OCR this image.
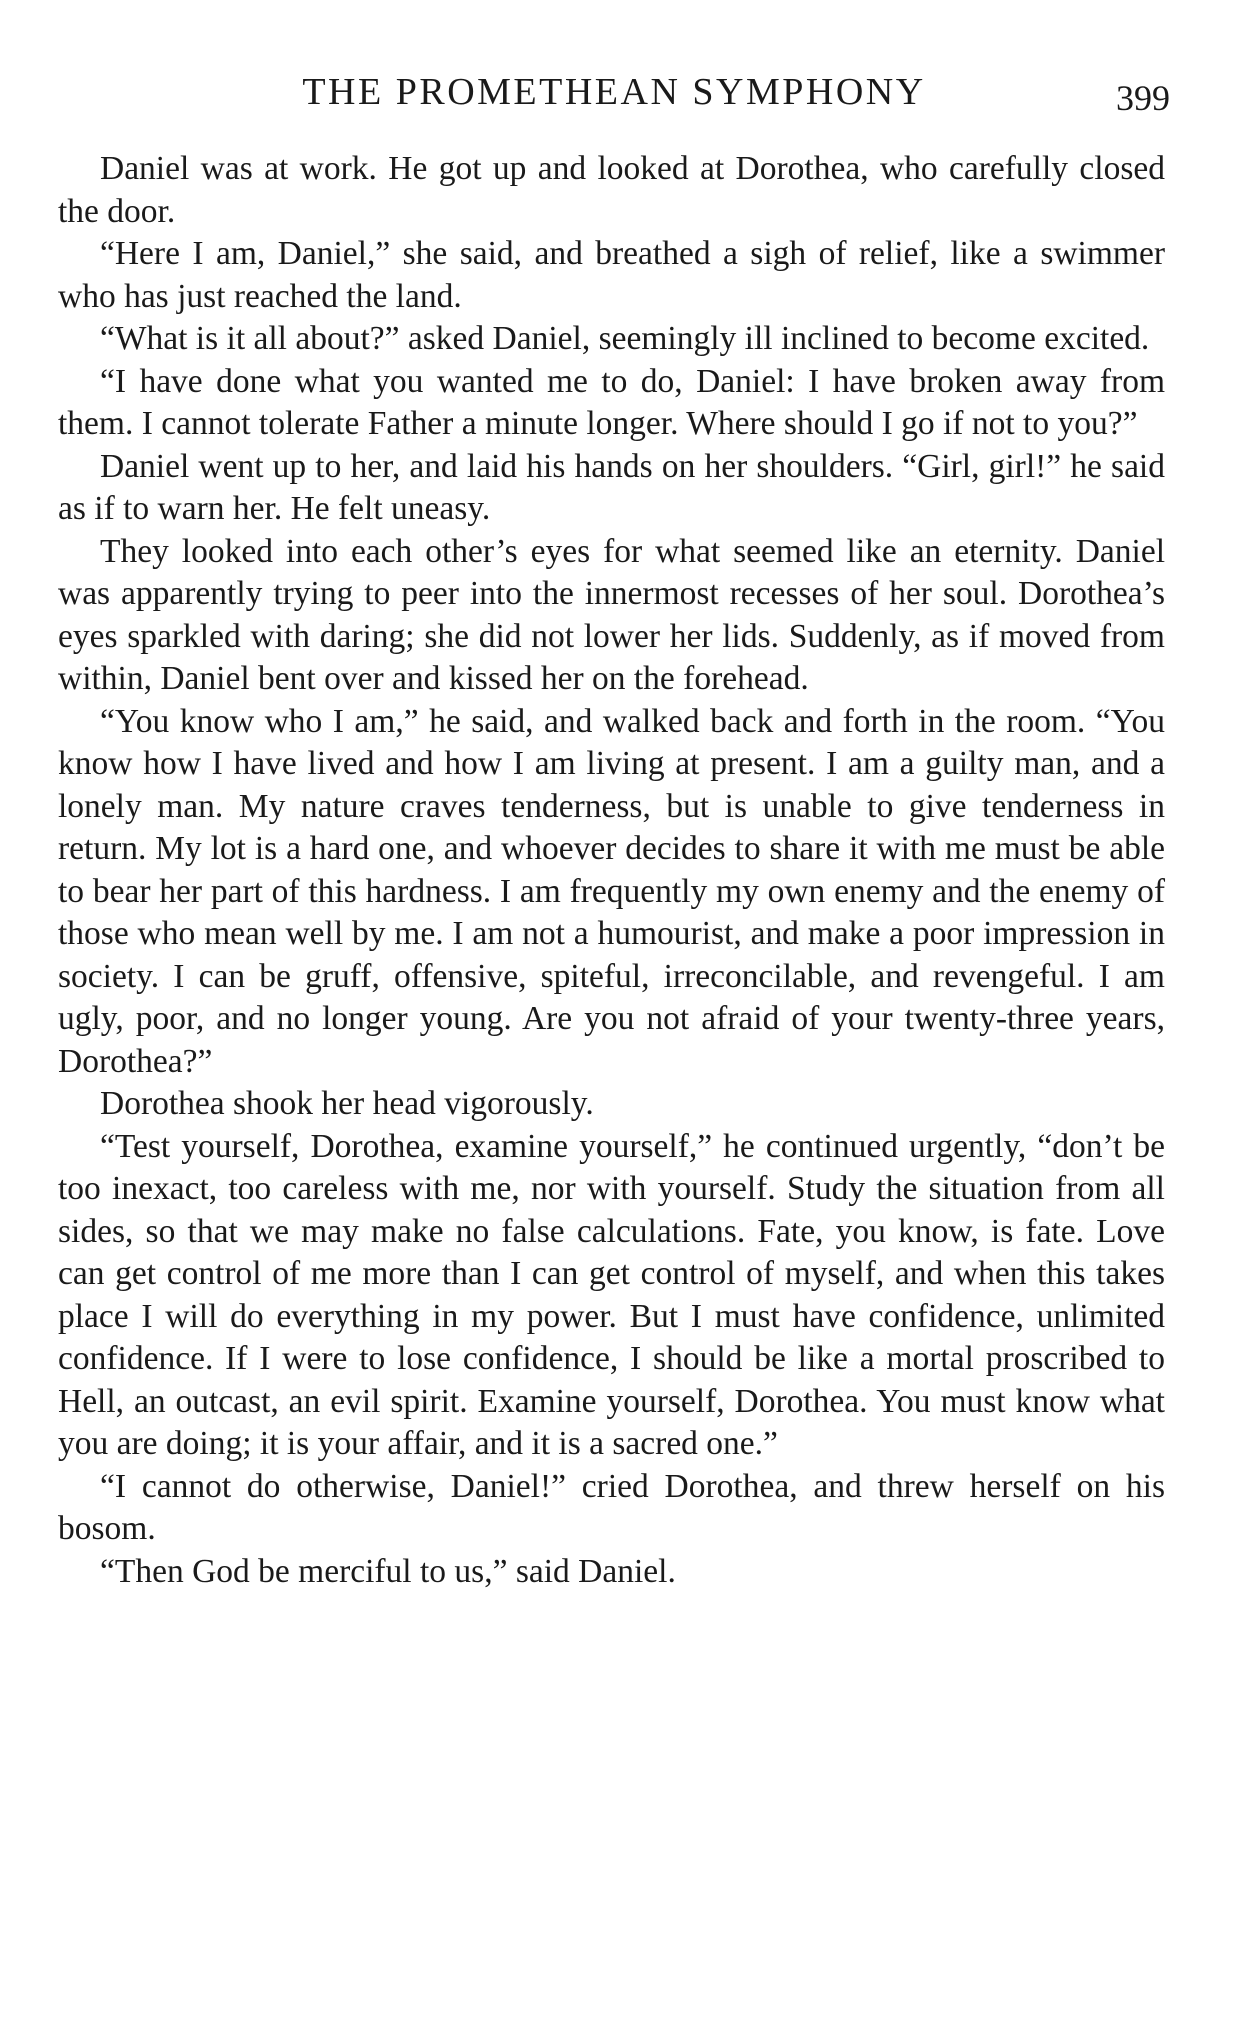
THE PROMETHEAN SYMPHONY	399

Daniel was at work. He got up and looked at Dorothea, who carefully closed the door.

“Here I am, Daniel,” she said, and breathed a sigh of relief, like a swimmer who has just reached the land.

“What is it all about?” asked Daniel, seemingly ill inclined to become excited.

“I have done what you wanted me to do, Daniel: I have broken away from them. I cannot tolerate Father a minute longer. Where should I go if not to you?”

Daniel went up to her, and laid his hands on her shoulders. “Girl, girl!” he said as if to warn her. He felt uneasy.

They looked into each other’s eyes for what seemed like an eternity. Daniel was apparently trying to peer into the innermost recesses of her soul. Dorothea’s eyes sparkled with daring; she did not lower her lids. Suddenly, as if moved from within, Daniel bent over and kissed her on the forehead.

“You know who I am,” he said, and walked back and forth in the room. “You know how I have lived and how I am living at present. I am a guilty man, and a lonely man. My nature craves tenderness, but is unable to give tenderness in return. My lot is a hard one, and whoever decides to share it with me must be able to bear her part of this hardness. I am frequently my own enemy and the enemy of those who mean well by me. I am not a humourist, and make a poor impression in society. I can be gruff, offensive, spiteful, irreconcilable, and revengeful. I am ugly, poor, and no longer young. Are you not afraid of your twenty-three years, Dorothea?”

Dorothea shook her head vigorously.

“Test yourself, Dorothea, examine yourself,” he continued urgently, “don’t be too inexact, too careless with me, nor with yourself. Study the situation from all sides, so that we may make no false calculations. Fate, you know, is fate. Love can get control of me more than I can get control of myself, and when this takes place I will do everything in my power. But I must have confidence, unlimited confidence. If I were to lose confidence, I should be like a mortal proscribed to Hell, an outcast, an evil spirit. Examine yourself, Dorothea. You must know what you are doing; it is your affair, and it is a sacred one.”

“I cannot do otherwise, Daniel!” cried Dorothea, and threw herself on his bosom.

“Then God be merciful to us,” said Daniel.
